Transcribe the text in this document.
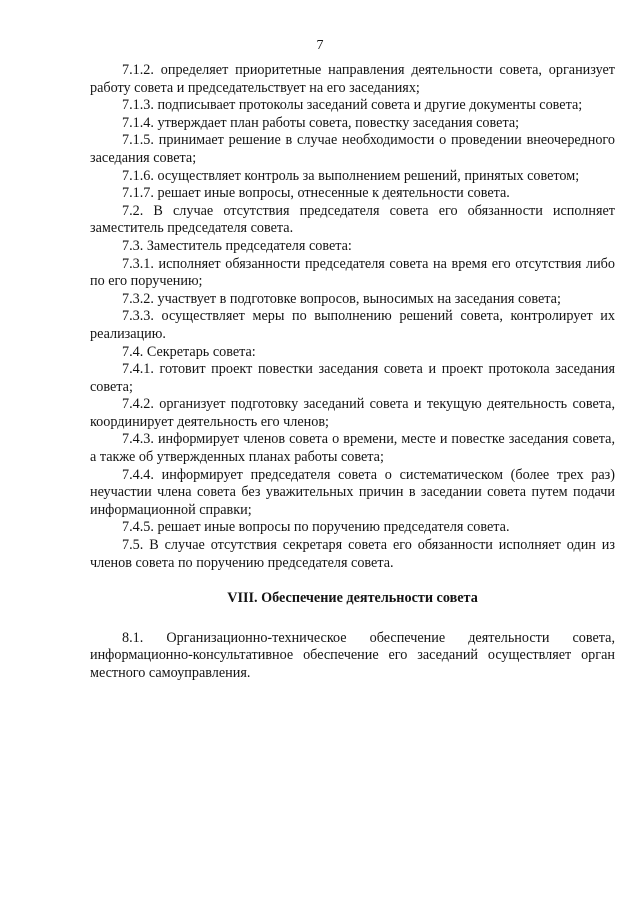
7

7.1.2. определяет приоритетные направления деятельности совета, организует работу совета и председательствует на его заседаниях;

7.1.3. подписывает протоколы заседаний совета и другие документы совета;

7.1.4. утверждает план работы совета, повестку заседания совета;

7.1.5. принимает решение в случае необходимости о проведении внеочередного заседания совета;

7.1.6. осуществляет контроль за выполнением решений, принятых советом;

7.1.7. решает иные вопросы, отнесенные к деятельности совета.

7.2. В случае отсутствия председателя совета его обязанности исполняет заместитель председателя совета.

7.3. Заместитель председателя совета:

7.3.1. исполняет обязанности председателя совета на время его отсутствия либо по его поручению;

7.3.2. участвует в подготовке вопросов, выносимых на заседания совета;

7.3.3. осуществляет меры по выполнению решений совета, контролирует их реализацию.

7.4. Секретарь совета:

7.4.1. готовит проект повестки заседания совета и проект протокола заседания совета;

7.4.2. организует подготовку заседаний совета и текущую деятельность совета, координирует деятельность его членов;

7.4.3. информирует членов совета о времени, месте и повестке заседания совета, а также об утвержденных планах работы совета;

7.4.4. информирует председателя совета о систематическом (более трех раз) неучастии члена совета без уважительных причин в заседании совета путем подачи информационной справки;

7.4.5. решает иные вопросы по поручению председателя совета.

7.5. В случае отсутствия секретаря совета его обязанности исполняет один из членов совета по поручению председателя совета.

VIII. Обеспечение деятельности совета

8.1. Организационно-техническое обеспечение деятельности совета, информационно-консультативное обеспечение его заседаний осуществляет орган местного самоуправления.
